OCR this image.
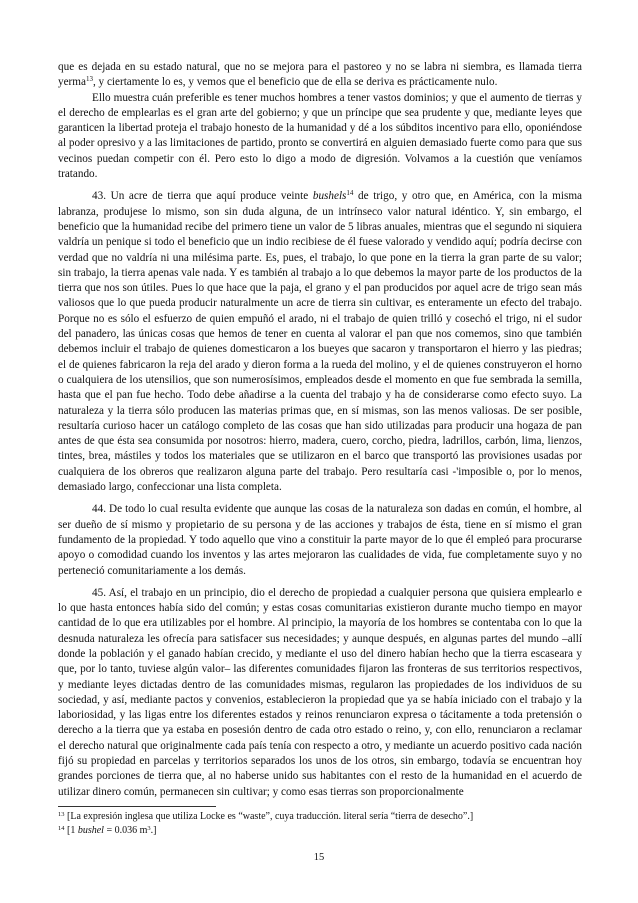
que es dejada en su estado natural, que no se mejora para el pastoreo y no se labra ni siembra, es llamada tierra yerma$^{13}$, y ciertamente lo es, y vemos que el beneficio que de ella se deriva es prácticamente nulo.

Ello muestra cuán preferible es tener muchos hombres a tener vastos dominios; y que el aumento de tierras y el derecho de emplearlas es el gran arte del gobierno; y que un príncipe que sea prudente y que, mediante leyes que garanticen la libertad proteja el trabajo honesto de la humanidad y dé a los súbditos incentivo para ello, oponiéndose al poder opresivo y a las limitaciones de partido, pronto se convertirá en alguien demasiado fuerte como para que sus vecinos puedan competir con él. Pero esto lo digo a modo de digresión. Volvamos a la cuestión que veníamos tratando.

43. Un acre de tierra que aquí produce veinte bushels$^{14}$ de trigo, y otro que, en América, con la misma labranza, produjese lo mismo, son sin duda alguna, de un intrínseco valor natural idéntico. Y, sin embargo, el beneficio que la humanidad recibe del primero tiene un valor de 5 libras anuales, mientras que el segundo ni siquiera valdría un penique si todo el beneficio que un indio recibiese de él fuese valorado y vendido aquí; podría decirse con verdad que no valdría ni una milésima parte. Es, pues, el trabajo, lo que pone en la tierra la gran parte de su valor; sin trabajo, la tierra apenas vale nada. Y es también al trabajo a lo que debemos la mayor parte de los productos de la tierra que nos son útiles. Pues lo que hace que la paja, el grano y el pan producidos por aquel acre de trigo sean más valiosos que lo que pueda producir naturalmente un acre de tierra sin cultivar, es enteramente un efecto del trabajo. Porque no es sólo el esfuerzo de quien empuñó el arado, ni el trabajo de quien trilló y cosechó el trigo, ni el sudor del panadero, las únicas cosas que hemos de tener en cuenta al valorar el pan que nos comemos, sino que también debemos incluir el trabajo de quienes domesticaron a los bueyes que sacaron y transportaron el hierro y las piedras; el de quienes fabricaron la reja del arado y dieron forma a la rueda del molino, y el de quienes construyeron el horno o cualquiera de los utensilios, que son numerosísimos, empleados desde el momento en que fue sembrada la semilla, hasta que el pan fue hecho. Todo debe añadirse a la cuenta del trabajo y ha de considerarse como efecto suyo. La naturaleza y la tierra sólo producen las materias primas que, en sí mismas, son las menos valiosas. De ser posible, resultaría curioso hacer un catálogo completo de las cosas que han sido utilizadas para producir una hogaza de pan antes de que ésta sea consumida por nosotros: hierro, madera, cuero, corcho, piedra, ladrillos, carbón, lima, lienzos, tintes, brea, mástiles y todos los materiales que se utilizaron en el barco que transportó las provisiones usadas por cualquiera de los obreros que realizaron alguna parte del trabajo. Pero resultaría casi -'imposible o, por lo menos, demasiado largo, confeccionar una lista completa.

44. De todo lo cual resulta evidente que aunque las cosas de la naturaleza son dadas en común, el hombre, al ser dueño de sí mismo y propietario de su persona y de las acciones y trabajos de ésta, tiene en sí mismo el gran fundamento de la propiedad. Y todo aquello que vino a constituir la parte mayor de lo que él empleó para procurarse apoyo o comodidad cuando los inventos y las artes mejoraron las cualidades de vida, fue completamente suyo y no perteneció comunitariamente a los demás.

45. Así, el trabajo en un principio, dio el derecho de propiedad a cualquier persona que quisiera emplearlo e lo que hasta entonces había sido del común; y estas cosas comunitarias existieron durante mucho tiempo en mayor cantidad de lo que era utilizables por el hombre. Al principio, la mayoría de los hombres se contentaba con lo que la desnuda naturaleza les ofrecía para satisfacer sus necesidades; y aunque después, en algunas partes del mundo –allí donde la población y el ganado habían crecido, y mediante el uso del dinero habían hecho que la tierra escaseara y que, por lo tanto, tuviese algún valor– las diferentes comunidades fijaron las fronteras de sus territorios respectivos, y mediante leyes dictadas dentro de las comunidades mismas, regularon las propiedades de los individuos de su sociedad, y así, mediante pactos y convenios, establecieron la propiedad que ya se había iniciado con el trabajo y la laboriosidad, y las ligas entre los diferentes estados y reinos renunciaron expresa o tácitamente a toda pretensión o derecho a la tierra que ya estaba en posesión dentro de cada otro estado o reino, y, con ello, renunciaron a reclamar el derecho natural que originalmente cada país tenía con respecto a otro, y mediante un acuerdo positivo cada nación fijó su propiedad en parcelas y territorios separados los unos de los otros, sin embargo, todavía se encuentran hoy grandes porciones de tierra que, al no haberse unido sus habitantes con el resto de la humanidad en el acuerdo de utilizar dinero común, permanecen sin cultivar; y como esas tierras son proporcionalmente

$^{13}$ [La expresión inglesa que utiliza Locke es “waste”, cuya traducción. literal sería “tierra de desecho”.]

$^{14}$ [1 bushel = 0.036 $m^3$.]

15
